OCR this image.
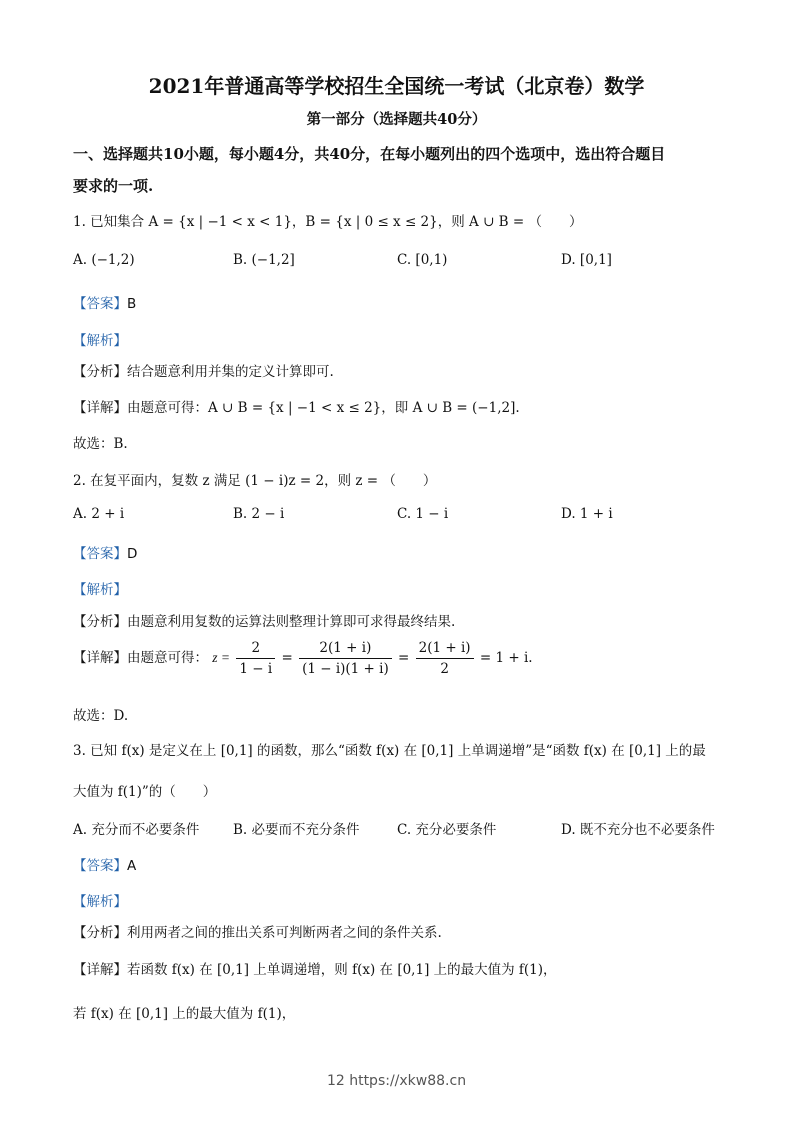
2021年普通高等学校招生全国统一考试（北京卷）数学
第一部分（选择题共40分）
一、选择题共10小题，每小题4分，共40分，在每小题列出的四个选项中，选出符合题目
要求的一项.
1. 已知集合 A = {x | −1 < x < 1}，B = {x | 0 ≤ x ≤ 2}，则 A ∪ B = （　　）
A. (−1,2)	B. (−1,2]	C. [0,1)	D. [0,1]
【答案】B
【解析】
【分析】结合题意利用并集的定义计算即可.
【详解】由题意可得：A ∪ B = {x | −1 < x ≤ 2}，即 A ∪ B = (−1,2].
故选：B.
2. 在复平面内，复数 z 满足 (1 − i)z = 2，则 z = （　　）
A. 2 + i	B. 2 − i	C. 1 − i	D. 1 + i
【答案】D
【解析】
【分析】由题意利用复数的运算法则整理计算即可求得最终结果.
【详解】由题意可得： $z = \frac{2}{1 - i} = \frac{2(1 + i)}{(1 - i)(1 + i)} = \frac{2(1 + i)}{2} = 1 + i$.
故选：D.
3. 已知 f(x) 是定义在上 [0,1] 的函数，那么“函数 f(x) 在 [0,1] 上单调递增”是“函数 f(x) 在 [0,1] 上的最
大值为 f(1)”的（　　）
A. 充分而不必要条件 B. 必要而不充分条件	C. 充分必要条件	D. 既不充分也不必要条件
【答案】A
【解析】
【分析】利用两者之间的推出关系可判断两者之间的条件关系.
【详解】若函数 f(x) 在 [0,1] 上单调递增，则 f(x) 在 [0,1] 上的最大值为 f(1)，
若 f(x) 在 [0,1] 上的最大值为 f(1)，
12 https://xkw88.cn
